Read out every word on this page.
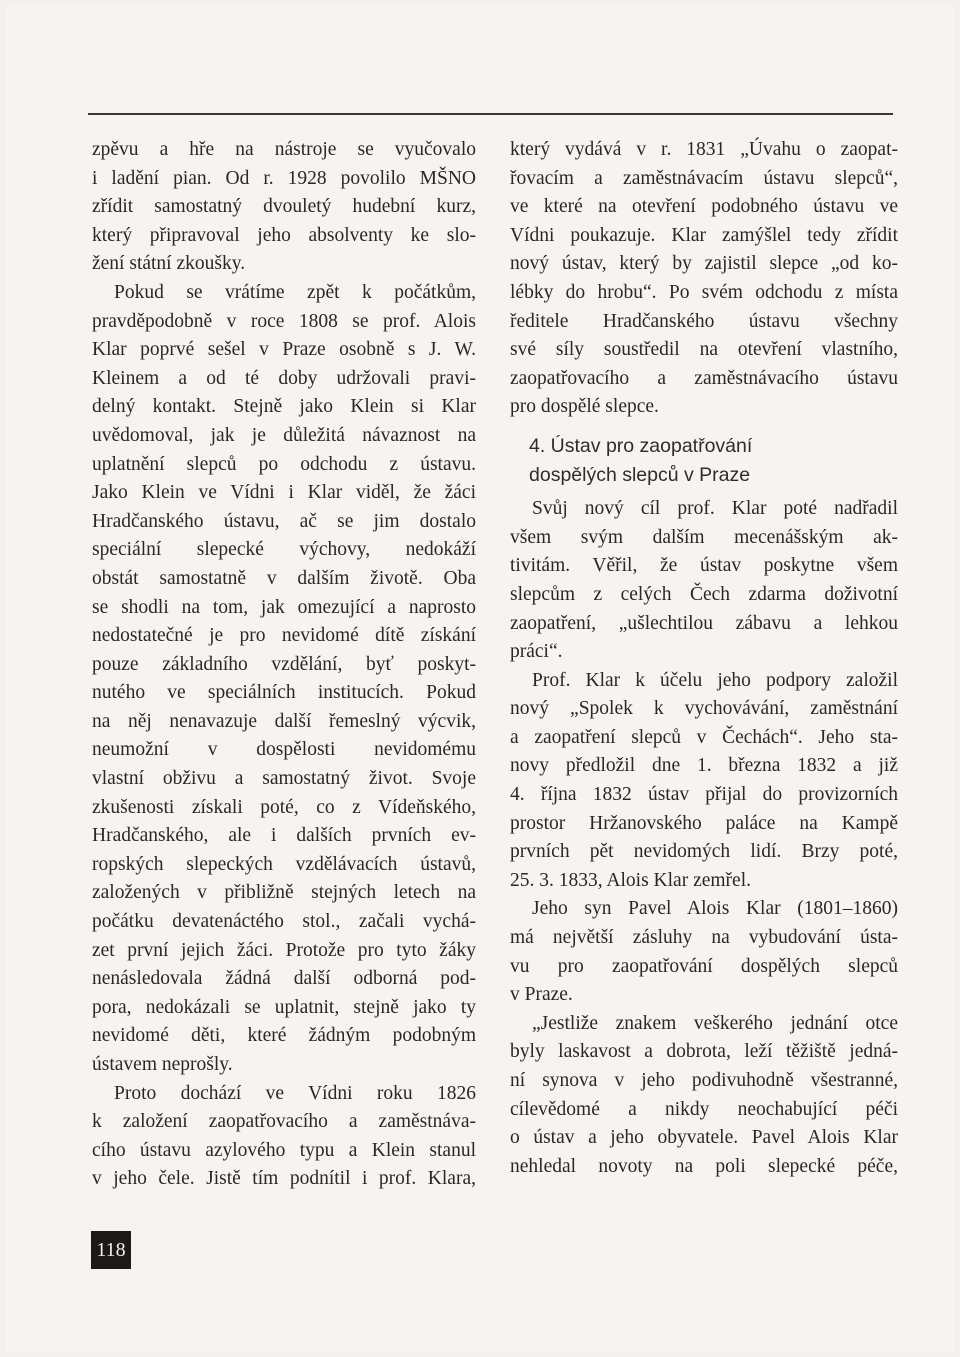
zpěvu a hře na nástroje se vyučovalo
i ladění pian. Od r. 1928 povolilo MŠNO
zřídit samostatný dvouletý hudební kurz,
který připravoval jeho absolventy ke slo-
žení státní zkoušky.
Pokud se vrátíme zpět k počátkům,
pravděpodobně v roce 1808 se prof. Alois
Klar poprvé sešel v Praze osobně s J. W.
Kleinem a od té doby udržovali pravi-
delný kontakt. Stejně jako Klein si Klar
uvědomoval, jak je důležitá návaznost na
uplatnění slepců po odchodu z ústavu.
Jako Klein ve Vídni i Klar viděl, že žáci
Hradčanského ústavu, ač se jim dostalo
speciální slepecké výchovy, nedokáží
obstát samostatně v dalším životě. Oba
se shodli na tom, jak omezující a naprosto
nedostatečné je pro nevidomé dítě získání
pouze základního vzdělání, byť poskyt-
nutého ve speciálních institucích. Pokud
na něj nenavazuje další řemeslný výcvik,
neumožní v dospělosti nevidomému
vlastní obživu a samostatný život. Svoje
zkušenosti získali poté, co z Vídeňského,
Hradčanského, ale i dalších prvních ev-
ropských slepeckých vzdělávacích ústavů,
založených v přibližně stejných letech na
počátku devatenáctého stol., začali vychá-
zet první jejich žáci. Protože pro tyto žáky
nenásledovala žádná další odborná pod-
pora, nedokázali se uplatnit, stejně jako ty
nevidomé děti, které žádným podobným
ústavem neprošly.
Proto dochází ve Vídni roku 1826
k založení zaopatřovacího a zaměstnáva-
cího ústavu azylového typu a Klein stanul
v jeho čele. Jistě tím podnítil i prof. Klara,
který vydává v r. 1831 „Úvahu o zaopat-
řovacím a zaměstnávacím ústavu slepců“,
ve které na otevření podobného ústavu ve
Vídni poukazuje. Klar zamýšlel tedy zřídit
nový ústav, který by zajistil slepce „od ko-
lébky do hrobu“. Po svém odchodu z místa
ředitele Hradčanského ústavu všechny
své síly soustředil na otevření vlastního,
zaopatřovacího a zaměstnávacího ústavu
pro dospělé slepce.
4. Ústav pro zaopatřování
dospělých slepců v Praze
Svůj nový cíl prof. Klar poté nadřadil
všem svým dalším mecenášským ak-
tivitám. Věřil, že ústav poskytne všem
slepcům z celých Čech zdarma doživotní
zaopatření, „ušlechtilou zábavu a lehkou
práci“.
Prof. Klar k účelu jeho podpory založil
nový „Spolek k vychovávání, zaměstnání
a zaopatření slepců v Čechách“. Jeho sta-
novy předložil dne 1. března 1832 a již
4. října 1832 ústav přijal do provizorních
prostor Hržanovského paláce na Kampě
prvních pět nevidomých lidí. Brzy poté,
25. 3. 1833, Alois Klar zemřel.
Jeho syn Pavel Alois Klar (1801–1860)
má největší zásluhy na vybudování ústa-
vu pro zaopatřování dospělých slepců
v Praze.
„Jestliže znakem veškerého jednání otce
byly laskavost a dobrota, leží těžiště jedná-
ní synova v jeho podivuhodně všestranné,
cílevědomé a nikdy neochabující péči
o ústav a jeho obyvatele. Pavel Alois Klar
nehledal novoty na poli slepecké péče,
118
